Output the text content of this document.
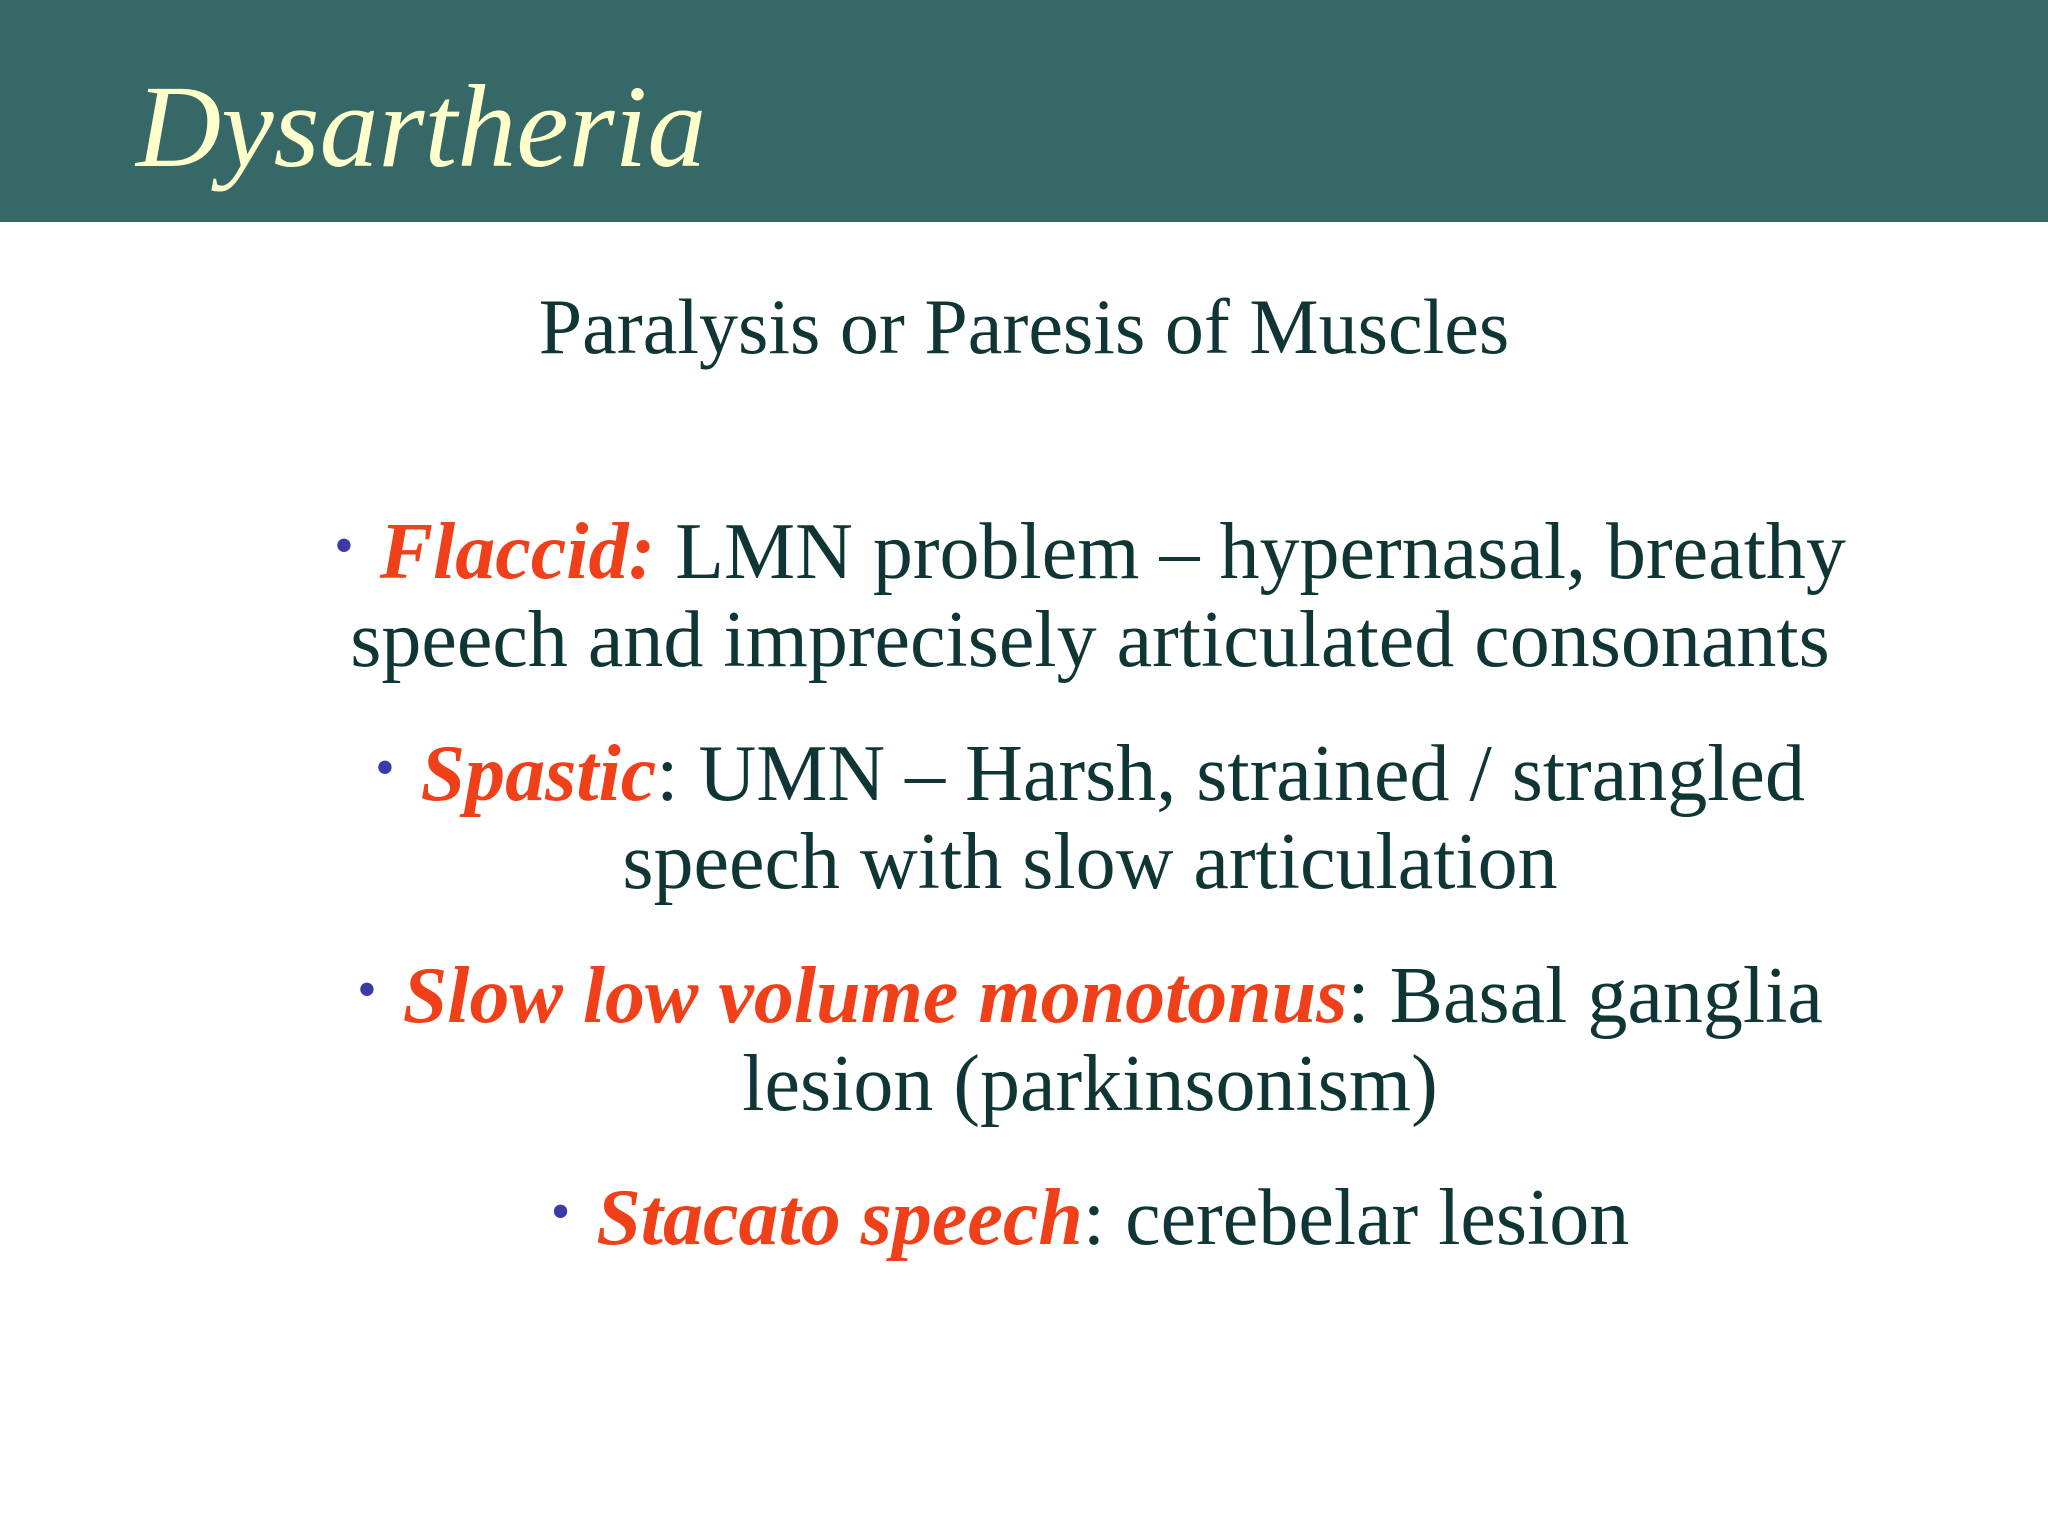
Dysartheria
Paralysis or Paresis of Muscles
• Flaccid: LMN problem – hypernasal, breathy
speech and imprecisely articulated consonants
• Spastic: UMN – Harsh, strained / strangled
speech with slow articulation
• Slow low volume monotonus: Basal ganglia
lesion (parkinsonism)
• Stacato speech: cerebelar lesion
